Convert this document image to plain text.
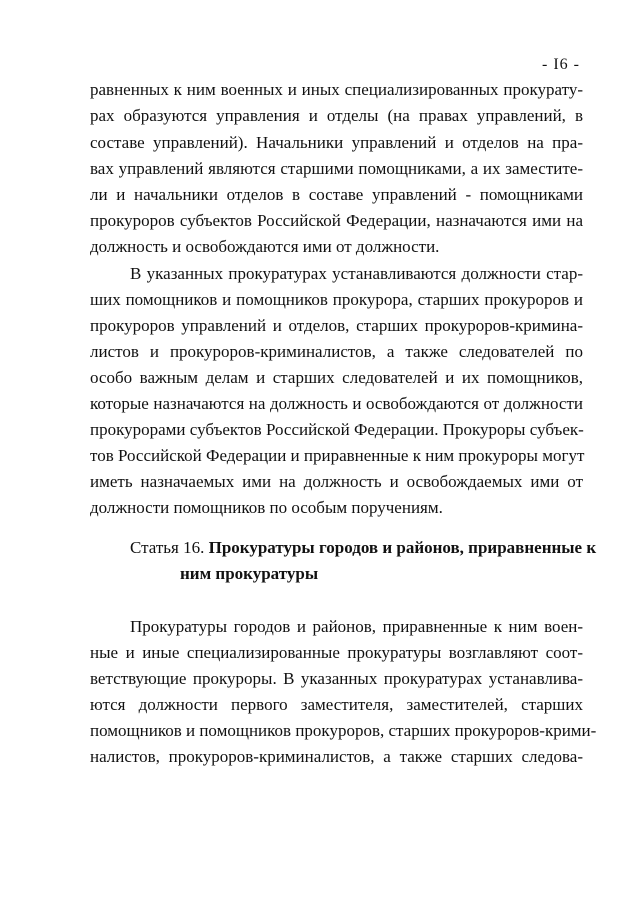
- I6 -
равненных к ним военных и иных специализированных прокурату-
рах образуются управления и отделы (на правах управлений, в
составе управлений). Начальники управлений и отделов на пра-
вах управлений являются старшими помощниками, а их заместите-
ли и начальники отделов в составе управлений - помощниками
прокуроров субъектов Российской Федерации, назначаются ими на
должность и освобождаются ими от должности.
В указанных прокуратурах устанавливаются должности стар-
ших помощников и помощников прокурора, старших прокуроров и
прокуроров управлений и отделов, старших прокуроров-кримина-
листов и прокуроров-криминалистов, а также следователей по
особо важным делам и старших следователей и их помощников,
которые назначаются на должность и освобождаются от должности
прокурорами субъектов Российской Федерации. Прокуроры субъек-
тов Российской Федерации и приравненные к ним прокуроры могут
иметь назначаемых ими на должность и освобождаемых ими от
должности помощников по особым поручениям.
Статья 16. Прокуратуры городов и районов, приравненные к
ним прокуратуры
Прокуратуры городов и районов, приравненные к ним воен-
ные и иные специализированные прокуратуры возглавляют соот-
ветствующие прокуроры. В указанных прокуратурах устанавлива-
ются должности первого заместителя, заместителей, старших
помощников и помощников прокуроров, старших прокуроров-крими-
налистов, прокуроров-криминалистов, а также старших следова-
